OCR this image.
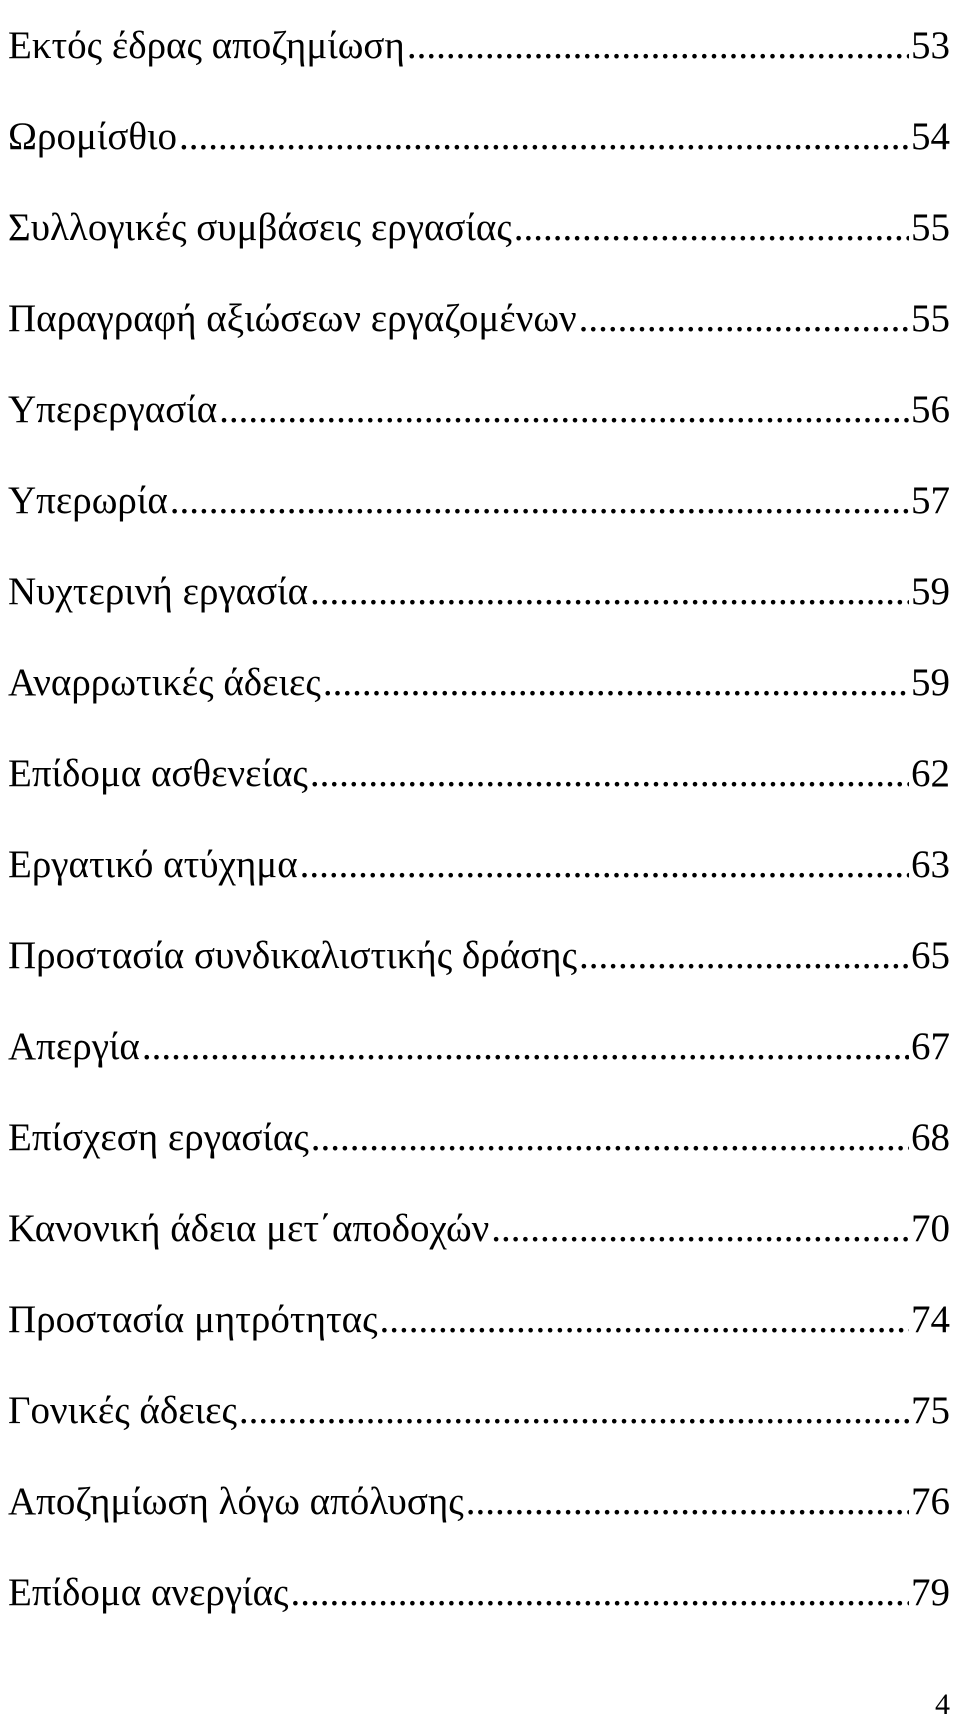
Εκτός έδρας αποζημίωση .....	53
Ωρομίσθιο .....	54
Συλλογικές συμβάσεις εργασίας .....	55
Παραγραφή αξιώσεων εργαζομένων .....	55
Υπερεργασία .....	56
Υπερωρία .....	57
Νυχτερινή εργασία .....	59
Αναρρωτικές άδειες .....	59
Επίδομα ασθενείας .....	62
Εργατικό ατύχημα .....	63
Προστασία συνδικαλιστικής δράσης .....	65
Απεργία .....	67
Επίσχεση εργασίας .....	68
Κανονική άδεια μετ΄αποδοχών .....	70
Προστασία μητρότητας .....	74
Γονικές άδειες .....	75
Αποζημίωση λόγω απόλυσης .....	76
Επίδομα ανεργίας .....	79
4
